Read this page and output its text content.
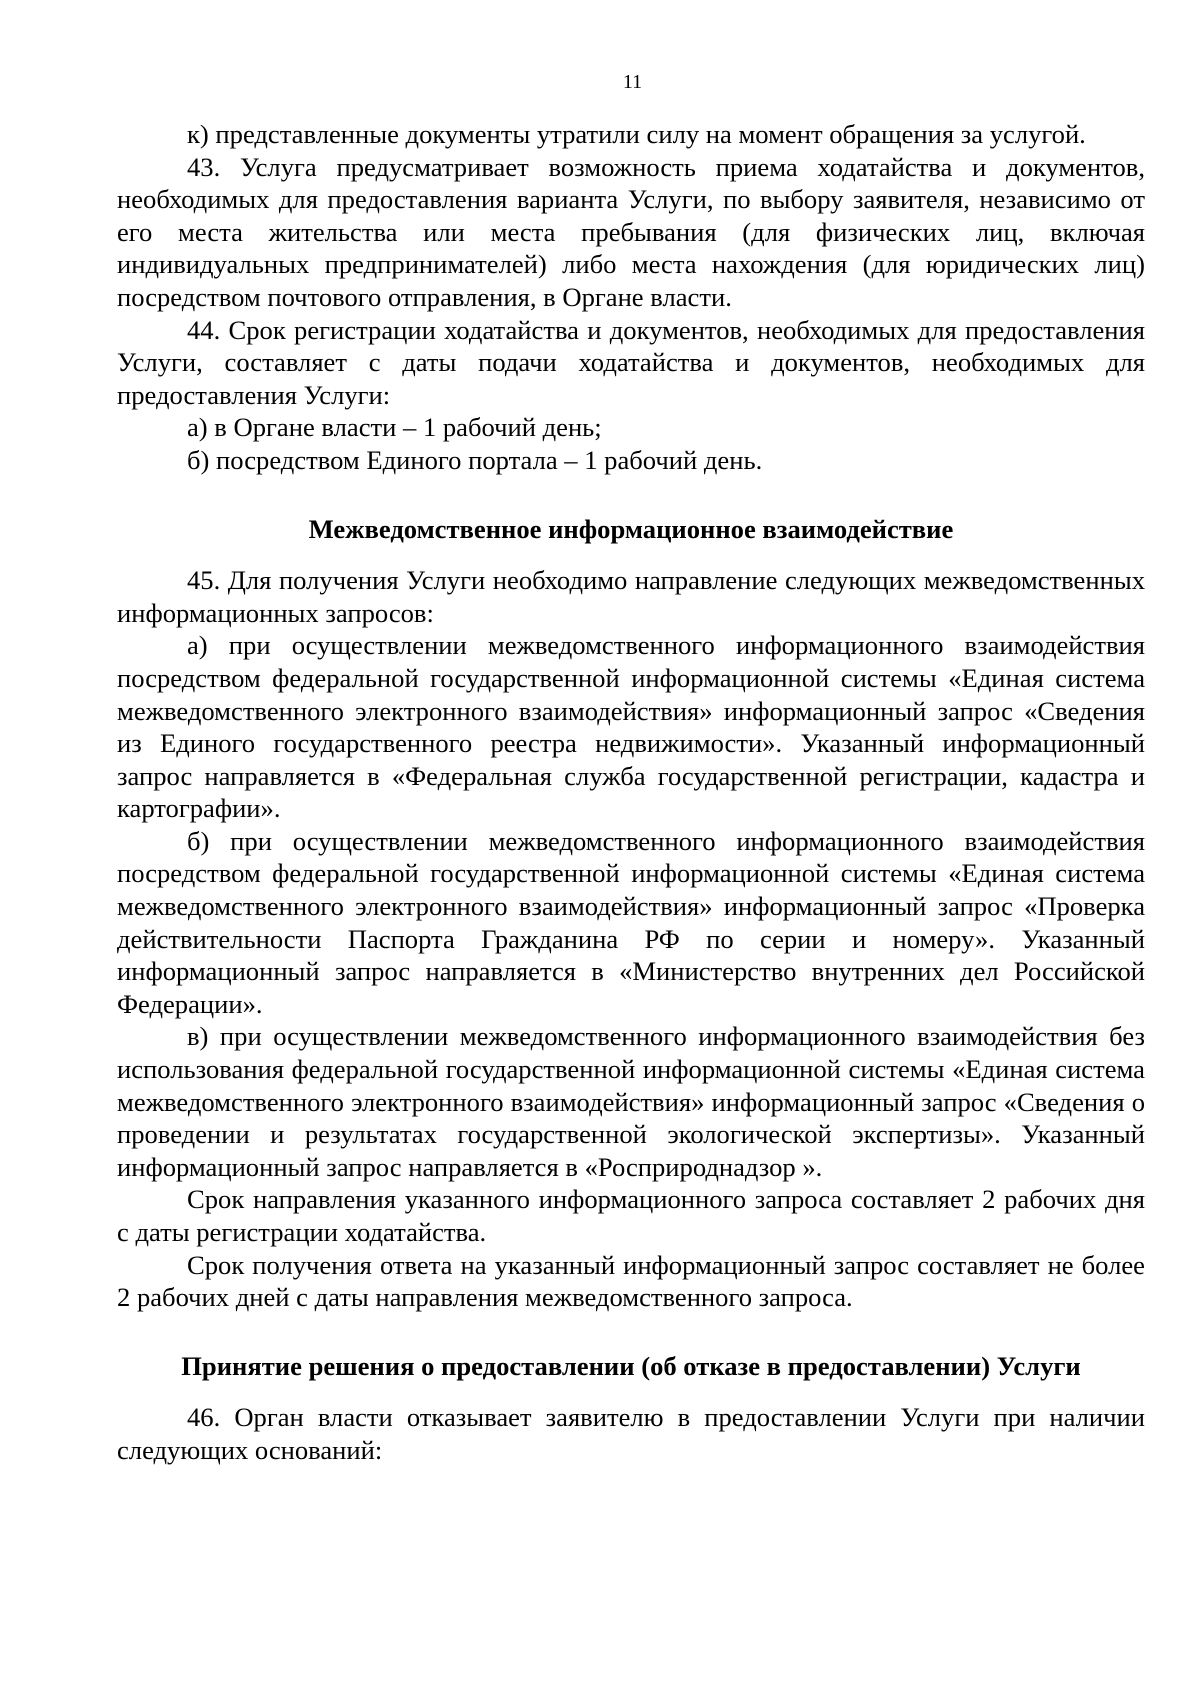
11

к) представленные документы утратили силу на момент обращения за услугой.

43. Услуга предусматривает возможность приема ходатайства и документов, необходимых для предоставления варианта Услуги, по выбору заявителя, независимо от его места жительства или места пребывания (для физических лиц, включая индивидуальных предпринимателей) либо места нахождения (для юридических лиц) посредством почтового отправления, в Органе власти.

44. Срок регистрации ходатайства и документов, необходимых для предоставления Услуги, составляет с даты подачи ходатайства и документов, необходимых для предоставления Услуги:

а) в Органе власти – 1 рабочий день;

б) посредством Единого портала – 1 рабочий день.

Межведомственное информационное взаимодействие

45. Для получения Услуги необходимо направление следующих межведомственных информационных запросов:

а) при осуществлении межведомственного информационного взаимодействия посредством федеральной государственной информационной системы «Единая система межведомственного электронного взаимодействия» информационный запрос «Сведения из Единого государственного реестра недвижимости». Указанный информационный запрос направляется в «Федеральная служба государственной регистрации, кадастра и картографии».

б) при осуществлении межведомственного информационного взаимодействия посредством федеральной государственной информационной системы «Единая система межведомственного электронного взаимодействия» информационный запрос «Проверка действительности Паспорта Гражданина РФ по серии и номеру». Указанный информационный запрос направляется в «Министерство внутренних дел Российской Федерации».

в) при осуществлении межведомственного информационного взаимодействия без использования федеральной государственной информационной системы «Единая система межведомственного электронного взаимодействия» информационный запрос «Сведения о проведении и результатах государственной экологической экспертизы». Указанный информационный запрос направляется в «Росприроднадзор ».

Срок направления указанного информационного запроса составляет 2 рабочих дня с даты регистрации ходатайства.

Срок получения ответа на указанный информационный запрос составляет не более 2 рабочих дней с даты направления межведомственного запроса.

Принятие решения о предоставлении (об отказе в предоставлении) Услуги

46. Орган власти отказывает заявителю в предоставлении Услуги при наличии следующих оснований:
